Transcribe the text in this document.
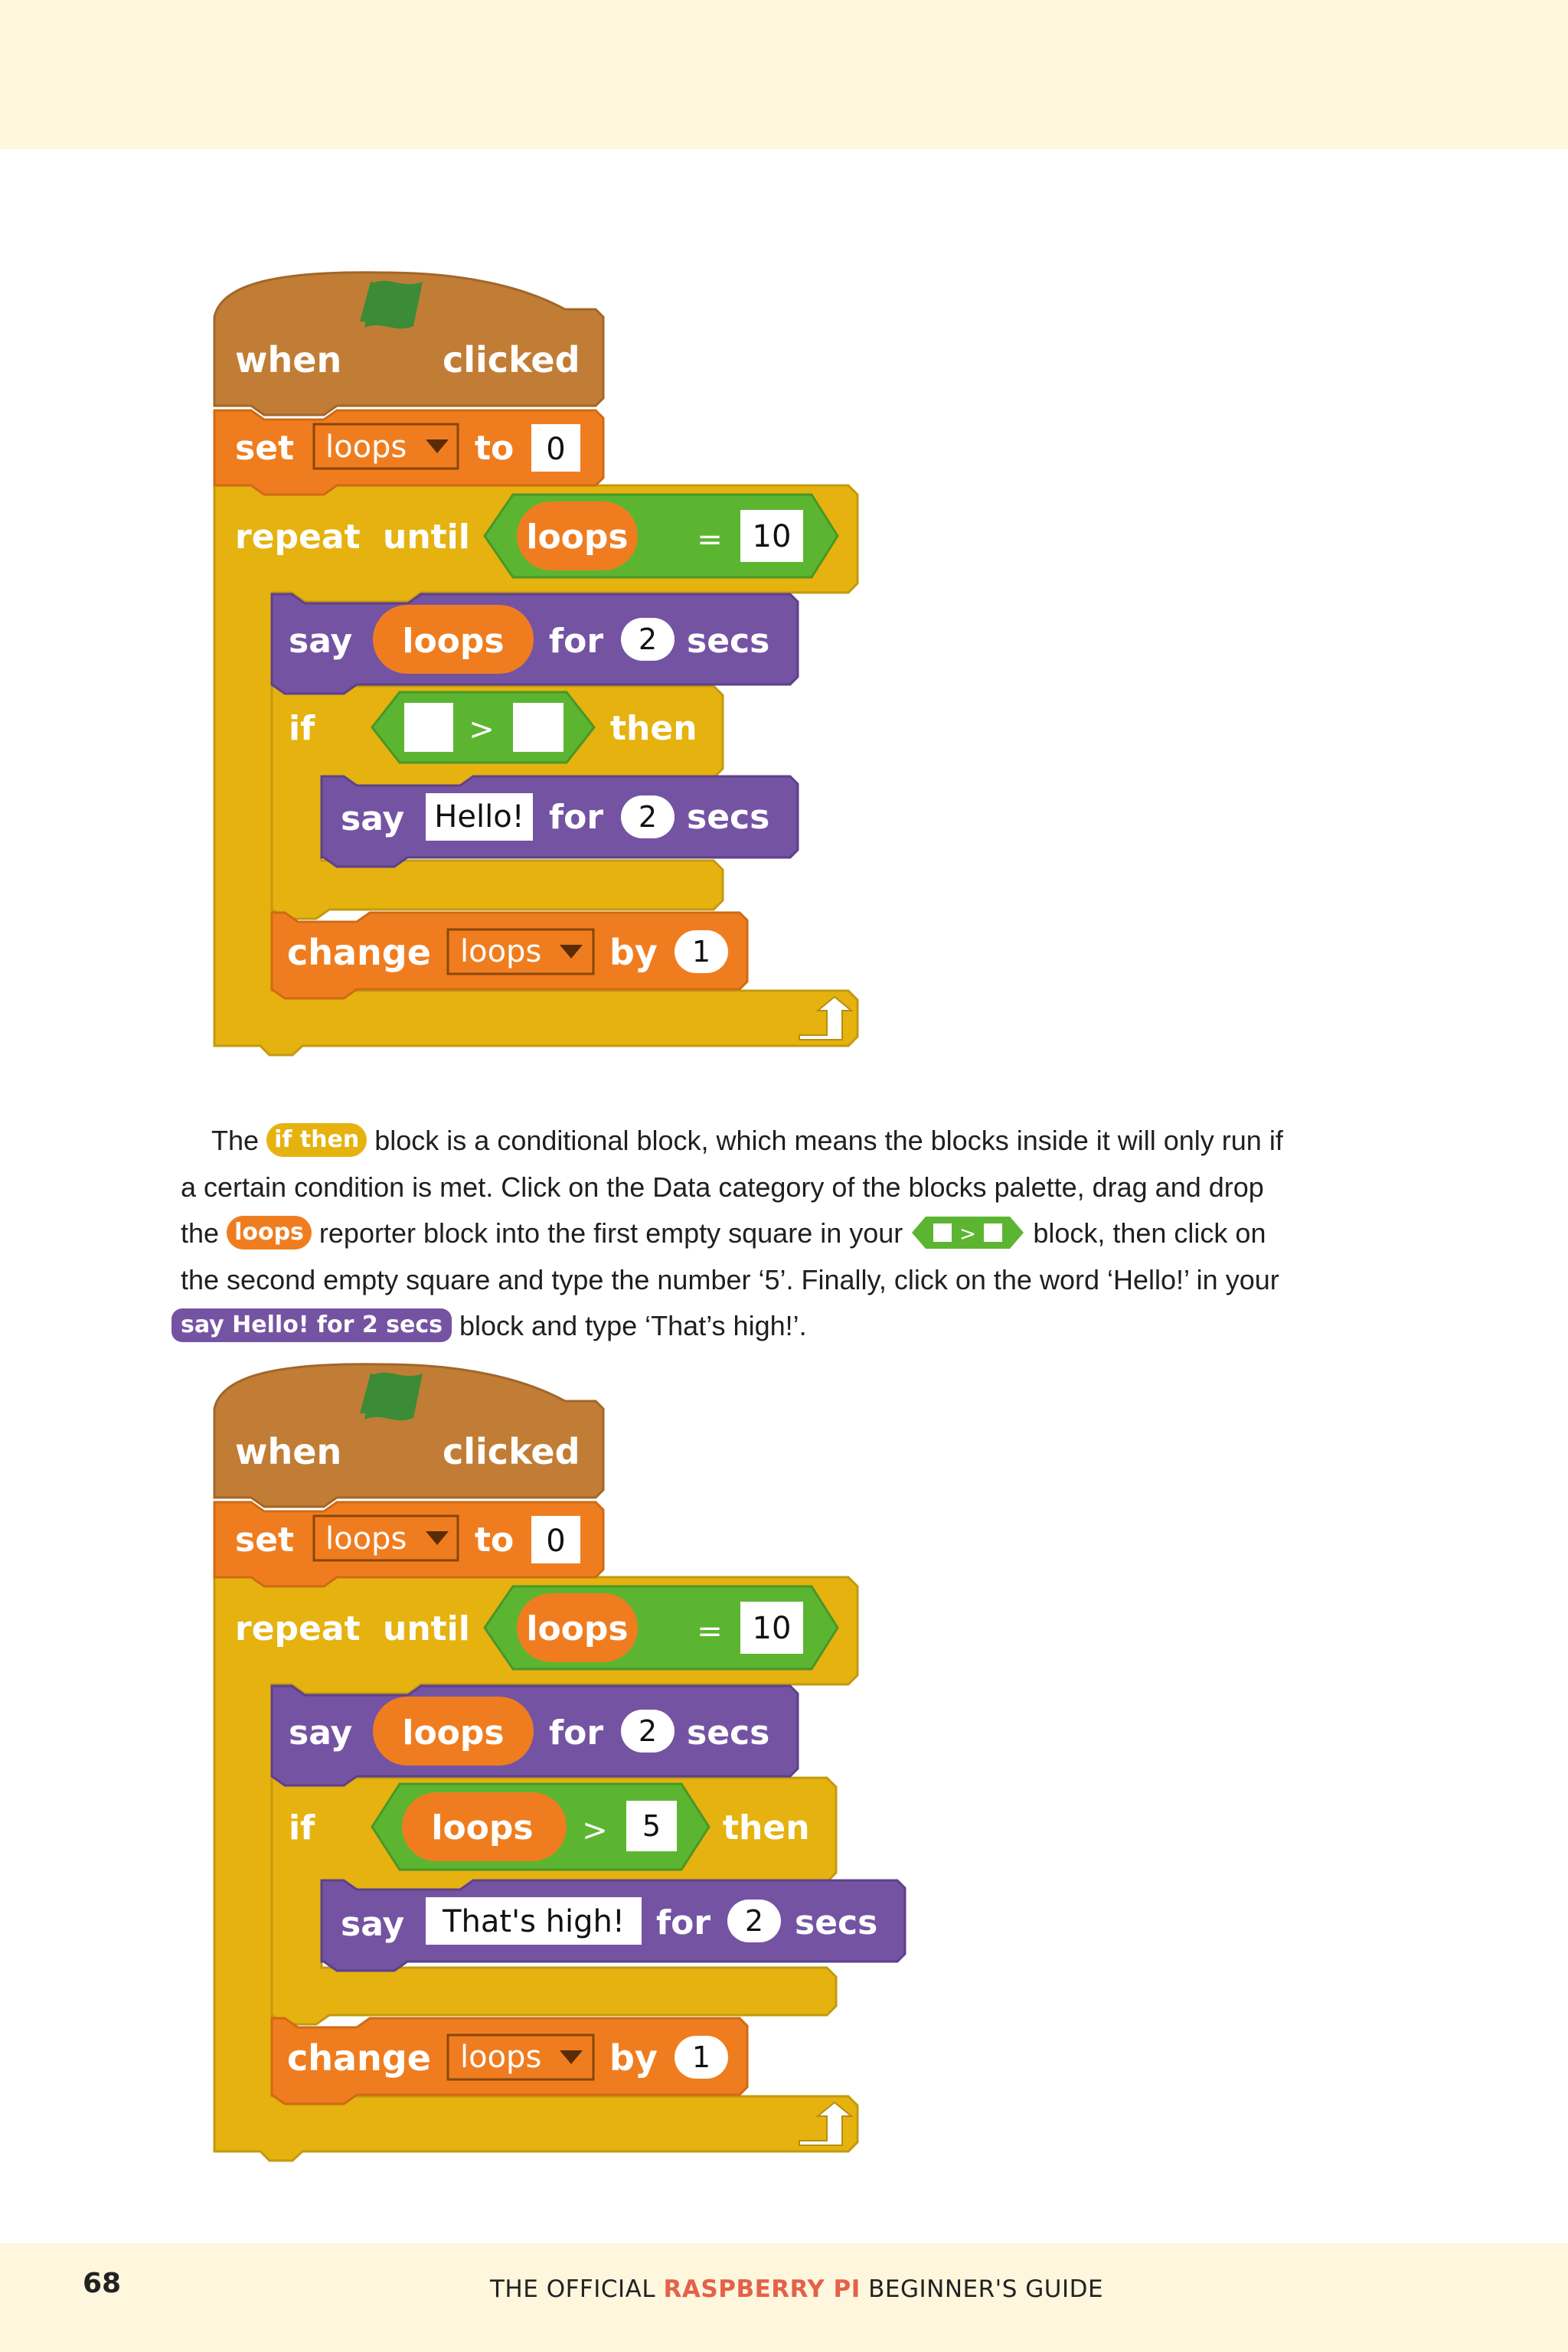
repeat until loops = 10
if	then
>
when	clicked
set loops to 0
say loops for 2 secs
say Hello! for 2 secs
change loops by 1
The if then block is a conditional block, which means the blocks inside it will only run if
a certain condition is met. Click on the Data category of the blocks palette, drag and drop
the loops reporter block into the first empty square in your	> block, then click on
the second empty square and type the number ‘5’. Finally, click on the word ‘Hello!’ in your
say Hello! for 2 secs block and type ‘That’s high!’.
repeat until loops = 10
if	then
loops > 5
when	clicked
set loops to 0
say loops for 2 secs
say That's high! for 2 secs
change loops by 1
68	THE OFFICIAL RASPBERRY PI BEGINNER'S GUIDE
